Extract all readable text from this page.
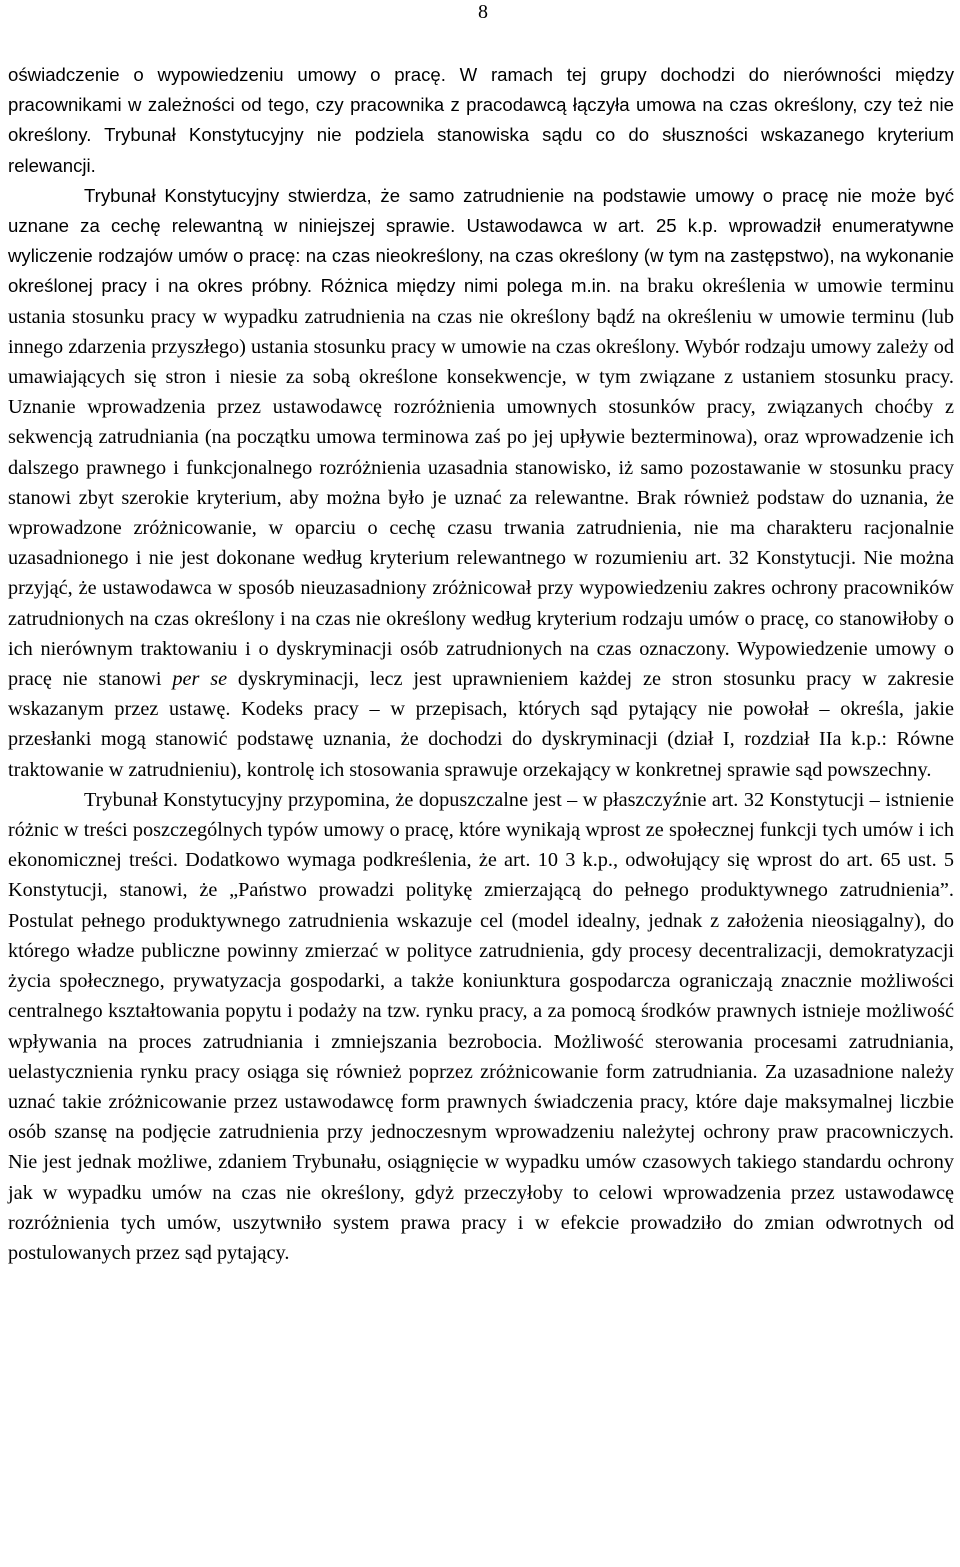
8

oświadczenie o wypowiedzeniu umowy o pracę. W ramach tej grupy dochodzi do nierówności między pracownikami w zależności od tego, czy pracownika z pracodawcą łączyła umowa na czas określony, czy też nie określony. Trybunał Konstytucyjny nie podziela stanowiska sądu co do słuszności wskazanego kryterium relewancji.

Trybunał Konstytucyjny stwierdza, że samo zatrudnienie na podstawie umowy o pracę nie może być uznane za cechę relewantną w niniejszej sprawie. Ustawodawca w art. 25 k.p. wprowadził enumeratywne wyliczenie rodzajów umów o pracę: na czas nieokreślony, na czas określony (w tym na zastępstwo), na wykonanie określonej pracy i na okres próbny. Różnica między nimi polega m.in. na braku określenia w umowie terminu ustania stosunku pracy w wypadku zatrudnienia na czas nie określony bądź na określeniu w umowie terminu (lub innego zdarzenia przyszłego) ustania stosunku pracy w umowie na czas określony. Wybór rodzaju umowy zależy od umawiających się stron i niesie za sobą określone konsekwencje, w tym związane z ustaniem stosunku pracy. Uznanie wprowadzenia przez ustawodawcę rozróżnienia umownych stosunków pracy, związanych choćby z sekwencją zatrudniania (na początku umowa terminowa zaś po jej upływie bezterminowa), oraz wprowadzenie ich dalszego prawnego i funkcjonalnego rozróżnienia uzasadnia stanowisko, iż samo pozostawanie w stosunku pracy stanowi zbyt szerokie kryterium, aby można było je uznać za relewantne. Brak również podstaw do uznania, że wprowadzone zróżnicowanie, w oparciu o cechę czasu trwania zatrudnienia, nie ma charakteru racjonalnie uzasadnionego i nie jest dokonane według kryterium relewantnego w rozumieniu art. 32 Konstytucji. Nie można przyjąć, że ustawodawca w sposób nieuzasadniony zróżnicował przy wypowiedzeniu zakres ochrony pracowników zatrudnionych na czas określony i na czas nie określony według kryterium rodzaju umów o pracę, co stanowiłoby o ich nierównym traktowaniu i o dyskryminacji osób zatrudnionych na czas oznaczony. Wypowiedzenie umowy o pracę nie stanowi per se dyskryminacji, lecz jest uprawnieniem każdej ze stron stosunku pracy w zakresie wskazanym przez ustawę. Kodeks pracy – w przepisach, których sąd pytający nie powołał – określa, jakie przesłanki mogą stanowić podstawę uznania, że dochodzi do dyskryminacji (dział I, rozdział IIa k.p.: Równe traktowanie w zatrudnieniu), kontrolę ich stosowania sprawuje orzekający w konkretnej sprawie sąd powszechny.

Trybunał Konstytucyjny przypomina, że dopuszczalne jest – w płaszczyźnie art. 32 Konstytucji – istnienie różnic w treści poszczególnych typów umowy o pracę, które wynikają wprost ze społecznej funkcji tych umów i ich ekonomicznej treści. Dodatkowo wymaga podkreślenia, że art. 10 3 k.p., odwołujący się wprost do art. 65 ust. 5 Konstytucji, stanowi, że „Państwo prowadzi politykę zmierzającą do pełnego produktywnego zatrudnienia”. Postulat pełnego produktywnego zatrudnienia wskazuje cel (model idealny, jednak z założenia nieosiągalny), do którego władze publiczne powinny zmierzać w polityce zatrudnienia, gdy procesy decentralizacji, demokratyzacji życia społecznego, prywatyzacja gospodarki, a także koniunktura gospodarcza ograniczają znacznie możliwości centralnego kształtowania popytu i podaży na tzw. rynku pracy, a za pomocą środków prawnych istnieje możliwość wpływania na proces zatrudniania i zmniejszania bezrobocia. Możliwość sterowania procesami zatrudniania, uelastycznienia rynku pracy osiąga się również poprzez zróżnicowanie form zatrudniania. Za uzasadnione należy uznać takie zróżnicowanie przez ustawodawcę form prawnych świadczenia pracy, które daje maksymalnej liczbie osób szansę na podjęcie zatrudnienia przy jednoczesnym wprowadzeniu należytej ochrony praw pracowniczych. Nie jest jednak możliwe, zdaniem Trybunału, osiągnięcie w wypadku umów czasowych takiego standardu ochrony jak w wypadku umów na czas nie określony, gdyż przeczyłoby to celowi wprowadzenia przez ustawodawcę rozróżnienia tych umów, uszytwniło system prawa pracy i w efekcie prowadziło do zmian odwrotnych od postulowanych przez sąd pytający.
